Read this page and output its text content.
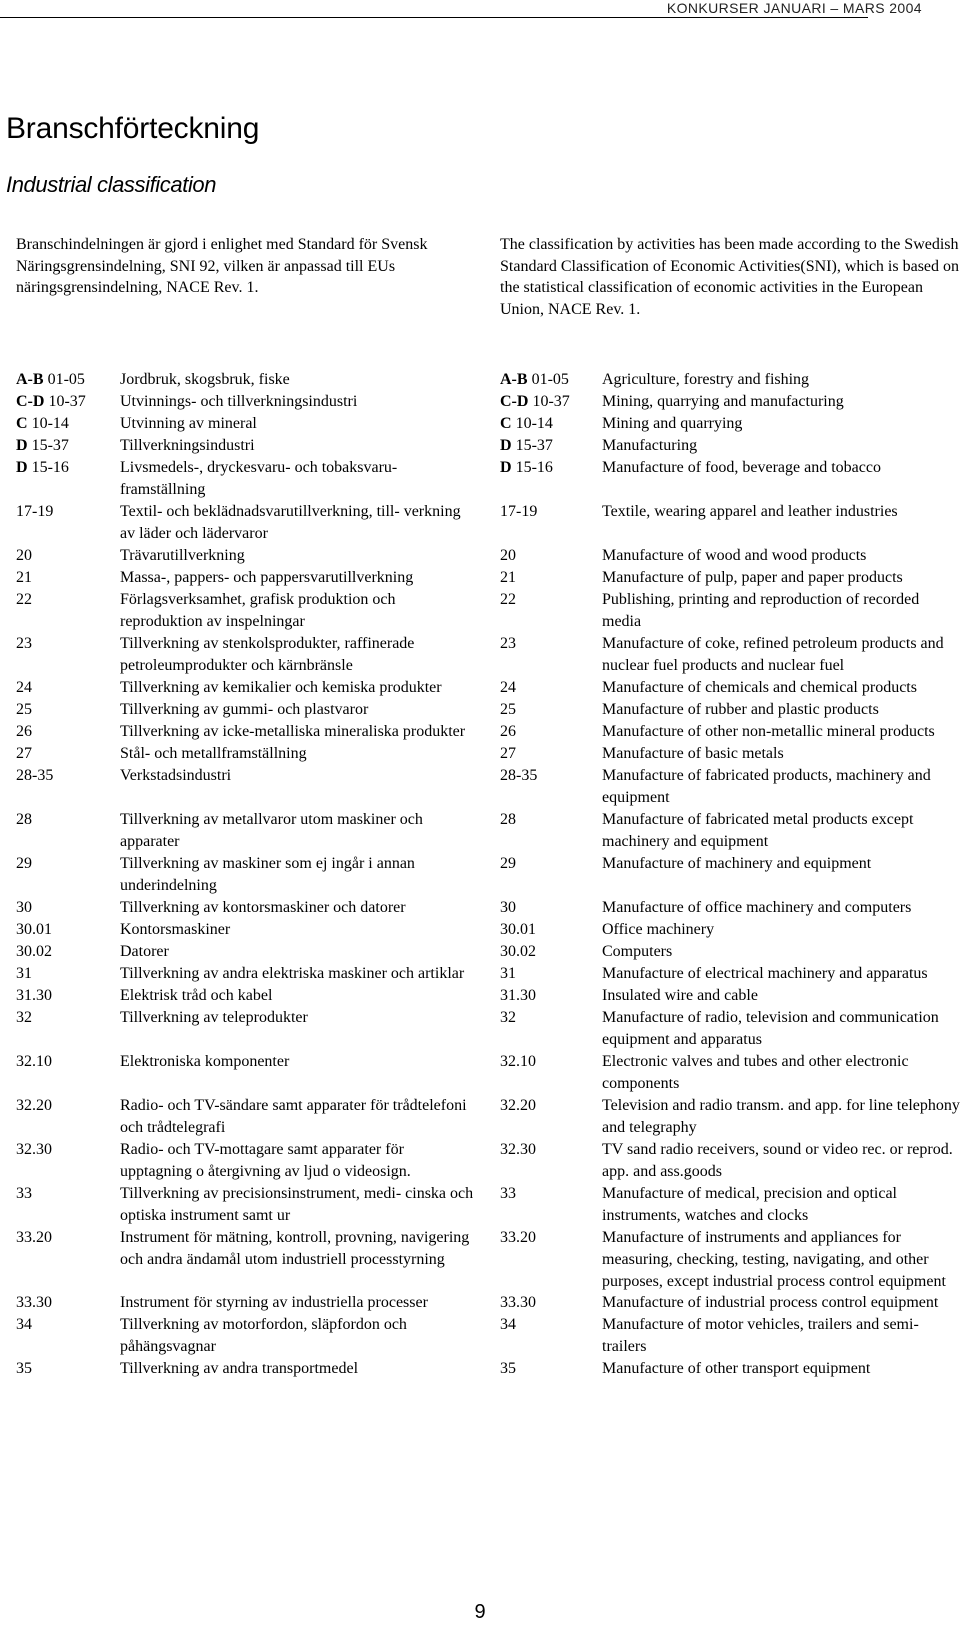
KONKURSER JANUARI – MARS 2004
Branschförteckning
Industrial classification

Branschindelningen är gjord i enlighet med Standard för Svensk Näringsgrensindelning, SNI 92, vilken är anpassad till EUs näringsgrensindelning, NACE Rev. 1.

The classification by activities has been made according to the Swedish Standard Classification of Economic Activities(SNI), which is based on the statistical classification of economic activities in the European Union, NACE Rev. 1.

A-B 01-05	Jordbruk, skogsbruk, fiske
C-D 10-37	Utvinnings- och tillverkningsindustri
C 10-14	Utvinning av mineral
D 15-37	Tillverkningsindustri
D 15-16	Livsmedels-, dryckesvaru- och tobaksvaru- framställning
17-19	Textil- och beklädnadsvarutillverkning, till- verkning av läder och lädervaror
20	Trävarutillverkning
21	Massa-, pappers- och pappersvarutillverkning
22	Förlagsverksamhet, grafisk produktion och reproduktion av inspelningar
23	Tillverkning av stenkolsprodukter, raffinerade petroleumprodukter och kärnbränsle
24	Tillverkning av kemikalier och kemiska produkter
25	Tillverkning av gummi- och plastvaror
26	Tillverkning av icke-metalliska mineraliska produkter
27	Stål- och metallframställning
28-35	Verkstadsindustri
28	Tillverkning av metallvaror utom maskiner och apparater
29	Tillverkning av maskiner som ej ingår i annan underindelning
30	Tillverkning av kontorsmaskiner och datorer
30.01	Kontorsmaskiner
30.02	Datorer
31	Tillverkning av andra elektriska maskiner och artiklar
31.30	Elektrisk tråd och kabel
32	Tillverkning av teleprodukter
32.10	Elektroniska komponenter
32.20	Radio- och TV-sändare samt apparater för trådtelefoni och trådtelegrafi
32.30	Radio- och TV-mottagare samt apparater för upptagning o återgivning av ljud o videosign.
33	Tillverkning av precisionsinstrument, medi- cinska och optiska instrument samt ur
33.20	Instrument för mätning, kontroll, provning, navigering och andra ändamål utom industriell processtyrning
33.30	Instrument för styrning av industriella processer
34	Tillverkning av motorfordon, släpfordon och påhängsvagnar
35	Tillverkning av andra transportmedel
A-B 01-05	Agriculture, forestry and fishing
C-D 10-37	Mining, quarrying and manufacturing
C 10-14	Mining and quarrying
D 15-37	Manufacturing
D 15-16	Manufacture of food, beverage and tobacco
17-19	Textile, wearing apparel and leather industries
20	Manufacture of wood and wood products
21	Manufacture of pulp, paper and paper products
22	Publishing, printing and reproduction of recorded media
23	Manufacture of coke, refined petroleum products and nuclear fuel products and nuclear fuel
24	Manufacture of chemicals and chemical products
25	Manufacture of rubber and plastic products
26	Manufacture of other non-metallic mineral products
27	Manufacture of basic metals
28-35	Manufacture of fabricated products, machinery and equipment
28	Manufacture of fabricated metal products except machinery and equipment
29	Manufacture of machinery and equipment
30	Manufacture of office machinery and computers
30.01	Office machinery
30.02	Computers
31	Manufacture of electrical machinery and apparatus
31.30	Insulated wire and cable
32	Manufacture of radio, television and communication equipment and apparatus
32.10	Electronic valves and tubes and other electronic components
32.20	Television and radio transm. and app. for line telephony and telegraphy
32.30	TV sand radio receivers, sound or video rec. or reprod. app. and ass.goods
33	Manufacture of medical, precision and optical instruments, watches and clocks
33.20	Manufacture of instruments and appliances for measuring, checking, testing, navigating, and other purposes, except industrial process control equipment
33.30	Manufacture of industrial process control equipment
34	Manufacture of motor vehicles, trailers and semi-trailers
35	Manufacture of other transport equipment
9
